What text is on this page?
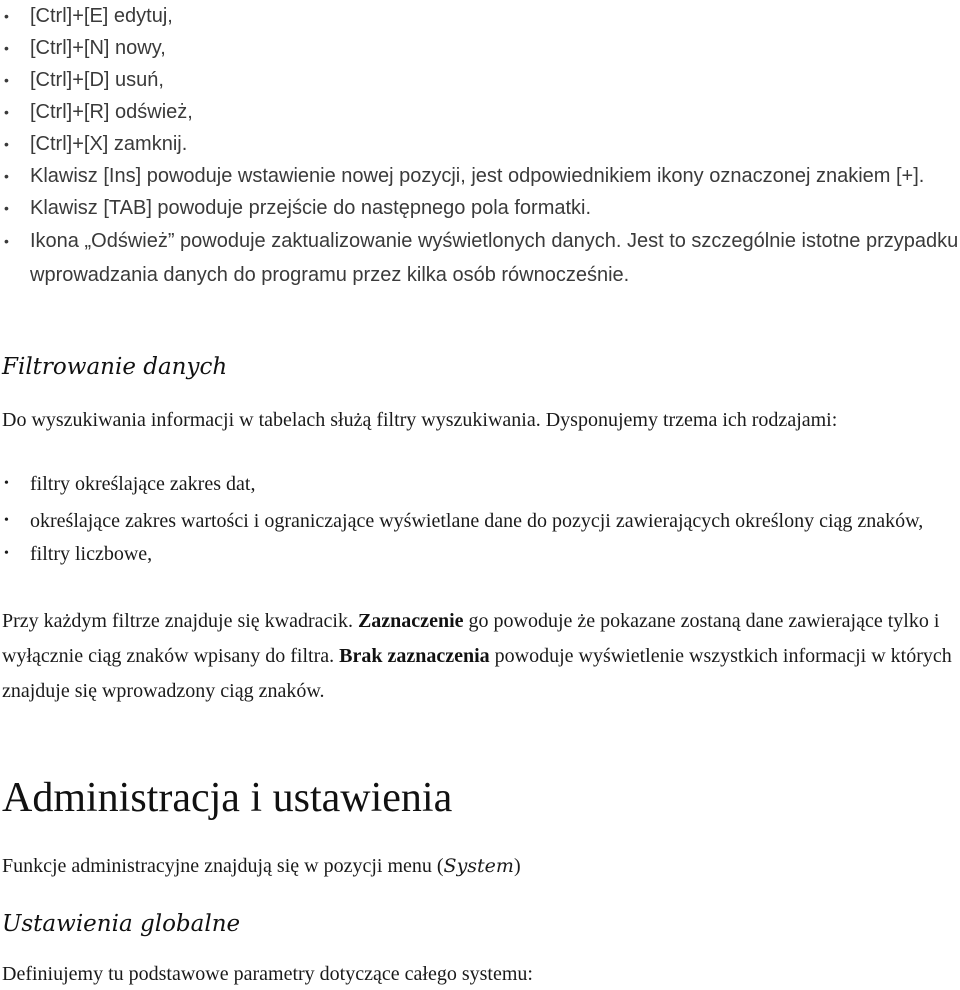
• [Ctrl]+[E] edytuj,
• [Ctrl]+[N] nowy,
• [Ctrl]+[D] usuń,
• [Ctrl]+[R] odśwież,
• [Ctrl]+[X] zamknij.
• Klawisz [Ins] powoduje wstawienie nowej pozycji, jest odpowiednikiem ikony oznaczonej znakiem [+].
• Klawisz [TAB] powoduje przejście do następnego pola formatki.
• Ikona „Odśwież” powoduje zaktualizowanie wyświetlonych danych. Jest to szczególnie istotne przypadku wprowadzania danych do programu przez kilka osób równocześnie.
Filtrowanie danych
Do wyszukiwania informacji w tabelach służą filtry wyszukiwania. Dysponujemy trzema ich rodzajami:
• filtry określające zakres dat,
• określające zakres wartości i ograniczające wyświetlane dane do pozycji zawierających określony ciąg znaków,
• filtry liczbowe,
Przy każdym filtrze znajduje się kwadracik. Zaznaczenie go powoduje że pokazane zostaną dane zawierające tylko i wyłącznie ciąg znaków wpisany do filtra. Brak zaznaczenia powoduje wyświetlenie wszystkich informacji w których znajduje się wprowadzony ciąg znaków.
Administracja i ustawienia
Funkcje administracyjne znajdują się w pozycji menu (System)
Ustawienia globalne
Definiujemy tu podstawowe parametry dotyczące całego systemu:
